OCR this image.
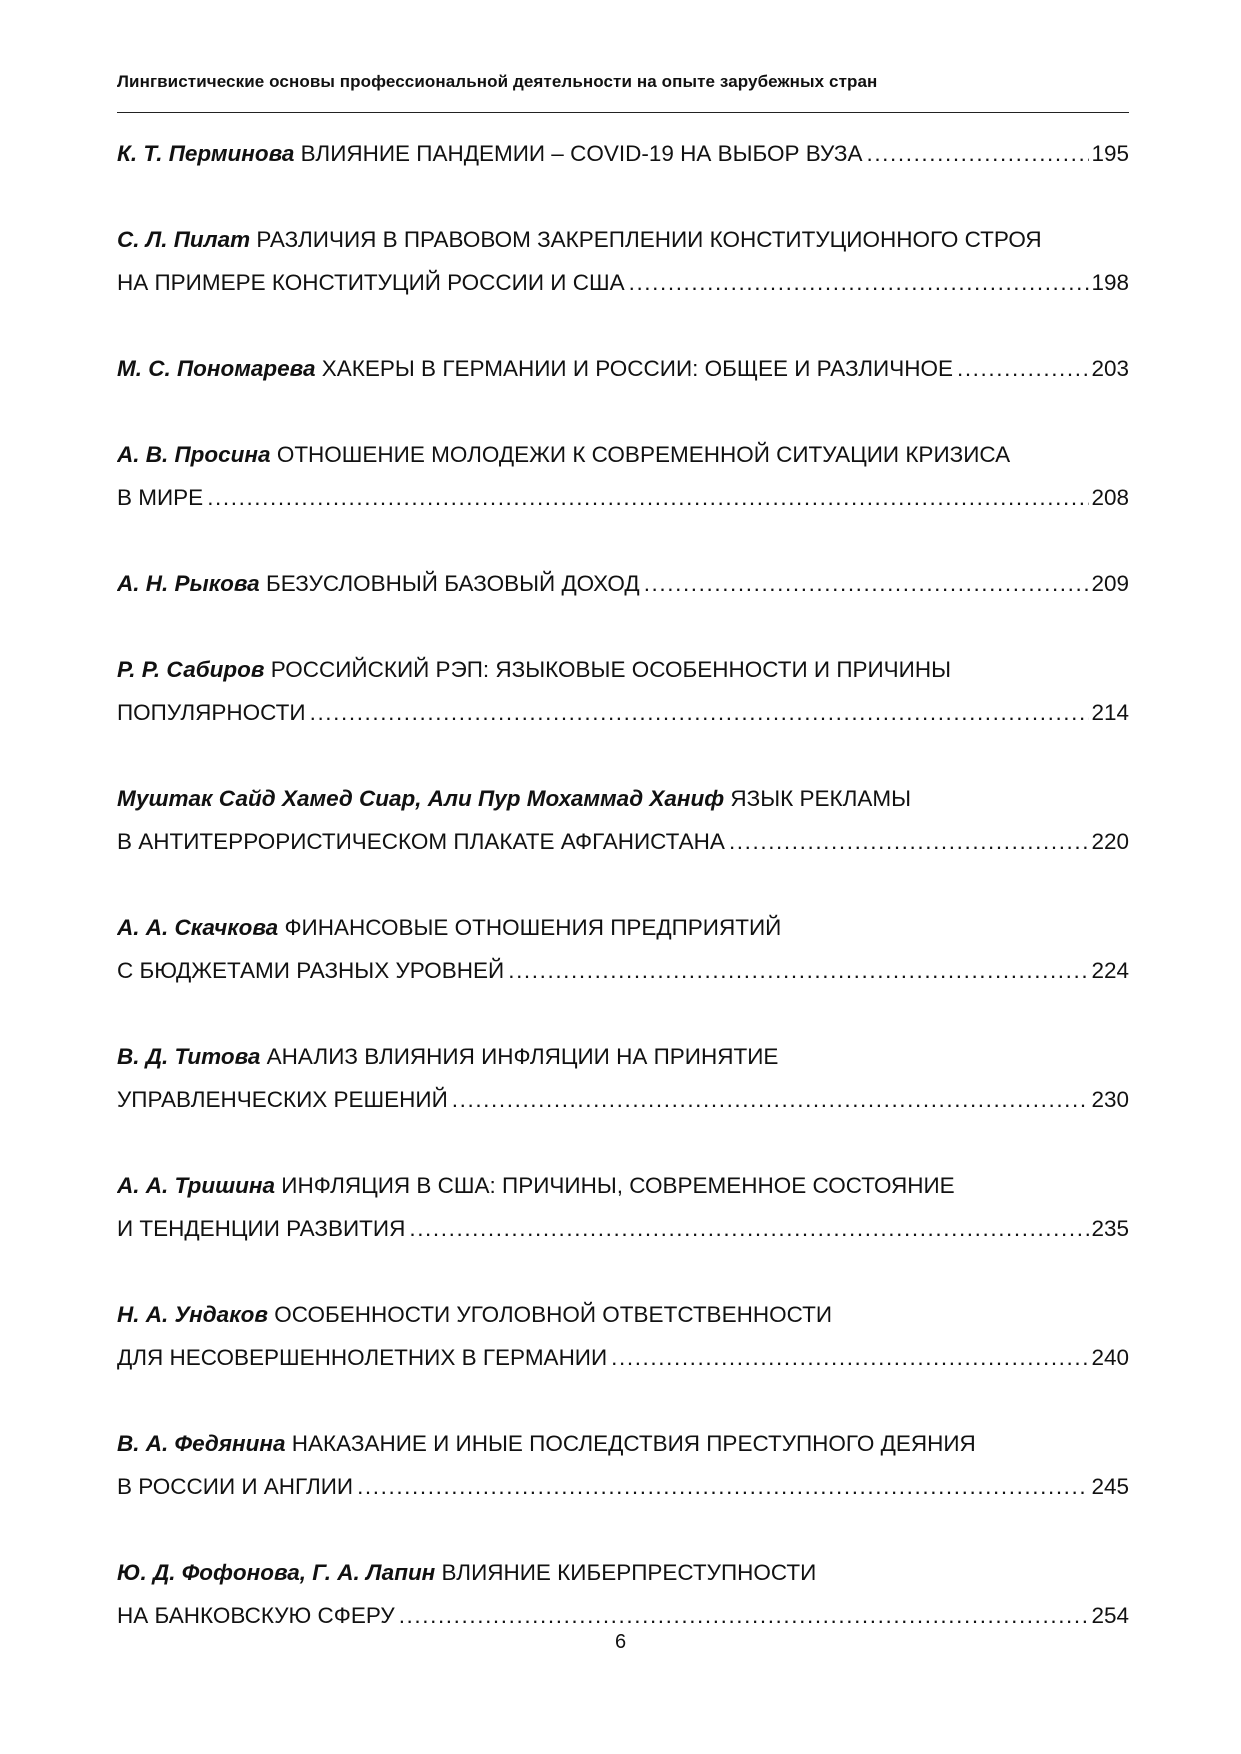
Лингвистические основы профессиональной деятельности на опыте зарубежных стран
К. Т. Перминова ВЛИЯНИЕ ПАНДЕМИИ – COVID-19 НА ВЫБОР ВУЗА .....	195
С. Л. Пилат РАЗЛИЧИЯ В ПРАВОВОМ ЗАКРЕПЛЕНИИ КОНСТИТУЦИОННОГО СТРОЯ
НА ПРИМЕРЕ КОНСТИТУЦИЙ РОССИИ И США .....	198
М. С. Пономарева ХАКЕРЫ В ГЕРМАНИИ И РОССИИ: ОБЩЕЕ И РАЗЛИЧНОЕ .....	203
А. В. Просина ОТНОШЕНИЕ МОЛОДЕЖИ К СОВРЕМЕННОЙ СИТУАЦИИ КРИЗИСА
В МИРЕ .....	208
А. Н. Рыкова БЕЗУСЛОВНЫЙ БАЗОВЫЙ ДОХОД .....	209
Р. Р. Сабиров РОССИЙСКИЙ РЭП: ЯЗЫКОВЫЕ ОСОБЕННОСТИ И ПРИЧИНЫ
ПОПУЛЯРНОСТИ .....	214
Муштак Сайд Хамед Сиар, Али Пур Мохаммад Ханиф ЯЗЫК РЕКЛАМЫ
В АНТИТЕРРОРИСТИЧЕСКОМ ПЛАКАТЕ АФГАНИСТАНА .....	220
А. А. Скачкова ФИНАНСОВЫЕ ОТНОШЕНИЯ ПРЕДПРИЯТИЙ
С БЮДЖЕТАМИ РАЗНЫХ УРОВНЕЙ .....	224
В. Д. Титова АНАЛИЗ ВЛИЯНИЯ ИНФЛЯЦИИ НА ПРИНЯТИЕ
УПРАВЛЕНЧЕСКИХ РЕШЕНИЙ .....	230
А. А. Тришина ИНФЛЯЦИЯ В США: ПРИЧИНЫ, СОВРЕМЕННОЕ СОСТОЯНИЕ
И ТЕНДЕНЦИИ РАЗВИТИЯ .....	235
Н. А. Ундаков ОСОБЕННОСТИ УГОЛОВНОЙ ОТВЕТСТВЕННОСТИ
ДЛЯ НЕСОВЕРШЕННОЛЕТНИХ В ГЕРМАНИИ .....	240
В. А. Федянина НАКАЗАНИЕ И ИНЫЕ ПОСЛЕДСТВИЯ ПРЕСТУПНОГО ДЕЯНИЯ
В РОССИИ И АНГЛИИ .....	245
Ю. Д. Фофонова, Г. А. Лапин ВЛИЯНИЕ КИБЕРПРЕСТУПНОСТИ
НА БАНКОВСКУЮ СФЕРУ .....	254
6
